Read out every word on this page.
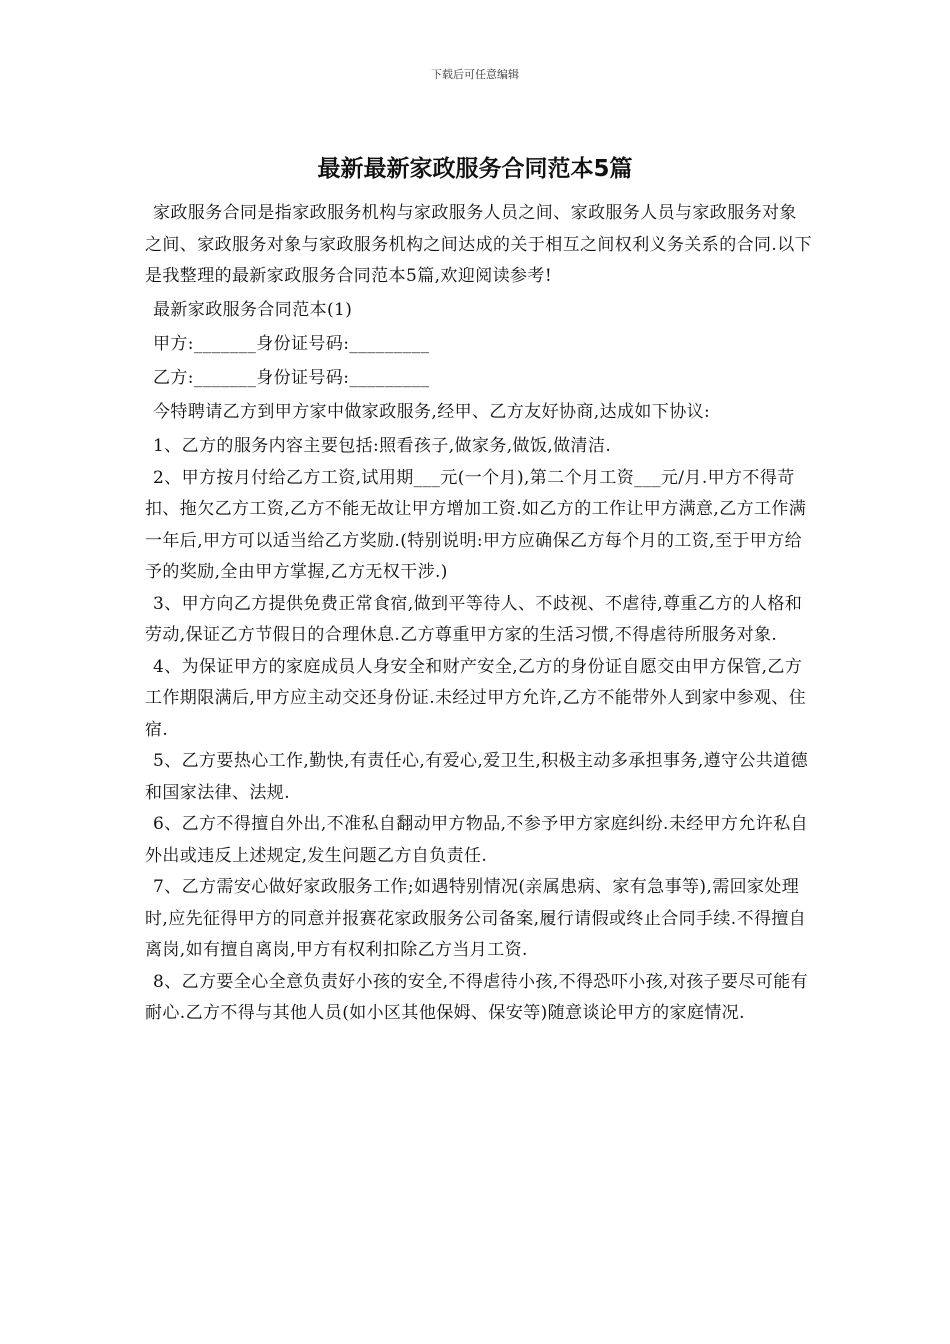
下载后可任意编辑
最新最新家政服务合同范本5篇

家政服务合同是指家政服务机构与家政服务人员之间、家政服务人员与家政服务对象之间、家政服务对象与家政服务机构之间达成的关于相互之间权利义务关系的合同.以下是我整理的最新家政服务合同范本5篇,欢迎阅读参考!

最新家政服务合同范本(1)

甲方:_______身份证号码:_________

乙方:_______身份证号码:_________

今特聘请乙方到甲方家中做家政服务,经甲、乙方友好协商,达成如下协议:

1、乙方的服务内容主要包括:照看孩子,做家务,做饭,做清洁.

2、甲方按月付给乙方工资,试用期___元(一个月),第二个月工资___元/月.甲方不得苛扣、拖欠乙方工资,乙方不能无故让甲方增加工资.如乙方的工作让甲方满意,乙方工作满一年后,甲方可以适当给乙方奖励.(特别说明:甲方应确保乙方每个月的工资,至于甲方给予的奖励,全由甲方掌握,乙方无权干涉.)

3、甲方向乙方提供免费正常食宿,做到平等待人、不歧视、不虐待,尊重乙方的人格和劳动,保证乙方节假日的合理休息.乙方尊重甲方家的生活习惯,不得虐待所服务对象.

4、为保证甲方的家庭成员人身安全和财产安全,乙方的身份证自愿交由甲方保管,乙方工作期限满后,甲方应主动交还身份证.未经过甲方允许,乙方不能带外人到家中参观、住宿.

5、乙方要热心工作,勤快,有责任心,有爱心,爱卫生,积极主动多承担事务,遵守公共道德和国家法律、法规.

6、乙方不得擅自外出,不准私自翻动甲方物品,不参予甲方家庭纠纷.未经甲方允许私自外出或违反上述规定,发生问题乙方自负责任.

7、乙方需安心做好家政服务工作;如遇特别情况(亲属患病、家有急事等),需回家处理时,应先征得甲方的同意并报赛花家政服务公司备案,履行请假或终止合同手续.不得擅自离岗,如有擅自离岗,甲方有权利扣除乙方当月工资.

8、乙方要全心全意负责好小孩的安全,不得虐待小孩,不得恐吓小孩,对孩子要尽可能有耐心.乙方不得与其他人员(如小区其他保姆、保安等)随意谈论甲方的家庭情况.
